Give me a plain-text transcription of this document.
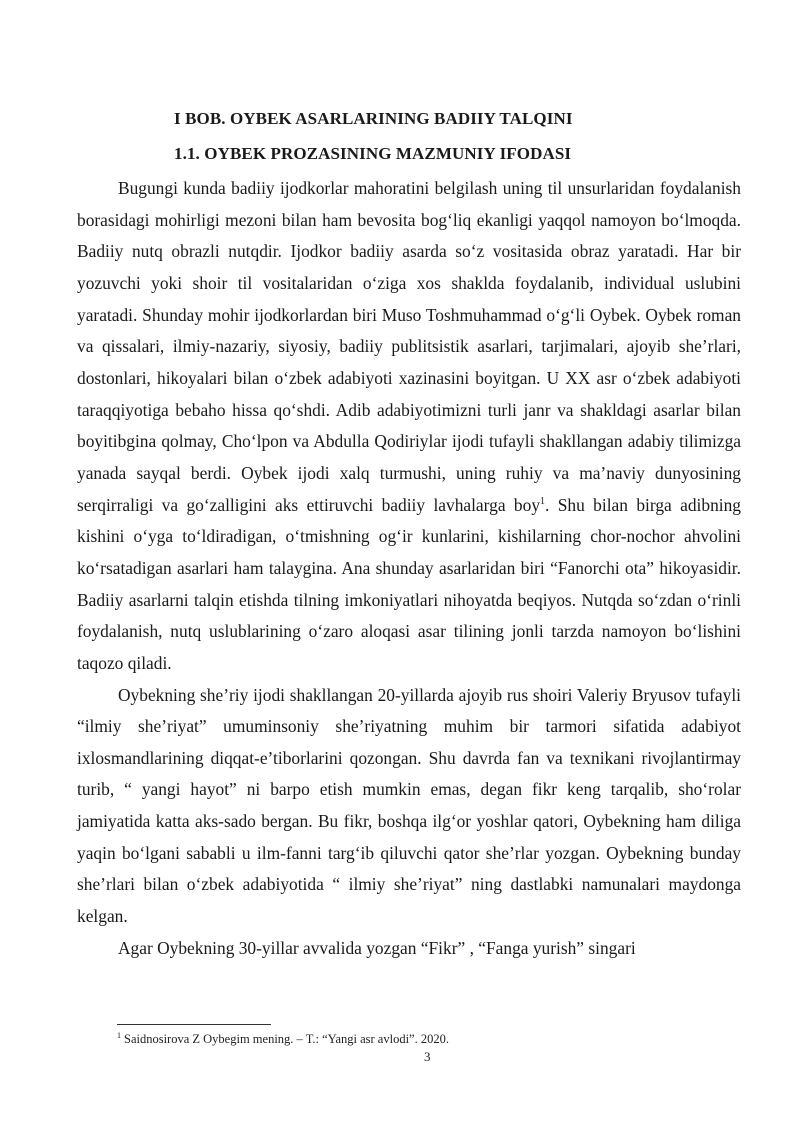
I BOB. OYBEK ASARLARINING BADIIY TALQINI
1.1. OYBEK PROZASINING MAZMUNIY IFODASI

Bugungi kunda badiiy ijodkorlar mahoratini belgilash uning til unsurlaridan foydalanish borasidagi mohirligi mezoni bilan ham bevosita bog‘liq ekanligi yaqqol namoyon bo‘lmoqda. Badiiy nutq obrazli nutqdir. Ijodkor badiiy asarda so‘z vositasida obraz yaratadi. Har bir yozuvchi yoki shoir til vositalaridan o‘ziga xos shaklda foydalanib, individual uslubini yaratadi. Shunday mohir ijodkorlardan biri Muso Toshmuhammad o‘g‘li Oybek. Oybek roman va qissalari, ilmiy-nazariy, siyosiy, badiiy publitsistik asarlari, tarjimalari, ajoyib she’rlari, dostonlari, hikoyalari bilan o‘zbek adabiyoti xazinasini boyitgan. U XX asr o‘zbek adabiyoti taraqqiyotiga bebaho hissa qo‘shdi. Adib adabiyotimizni turli janr va shakldagi asarlar bilan boyitibgina qolmay, Cho‘lpon va Abdulla Qodiriylar ijodi tufayli shakllangan adabiy tilimizga yanada sayqal berdi. Oybek ijodi xalq turmushi, uning ruhiy va ma’naviy dunyosining serqirraligi va go‘zalligini aks ettiruvchi badiiy lavhalarga boy$^1$. Shu bilan birga adibning kishini o‘yga to‘ldiradigan, o‘tmishning og‘ir kunlarini, kishilarning chor-nochor ahvolini ko‘rsatadigan asarlari ham talaygina. Ana shunday asarlaridan biri “Fanorchi ota” hikoyasidir. Badiiy asarlarni talqin etishda tilning imkoniyatlari nihoyatda beqiyos. Nutqda so‘zdan o‘rinli foydalanish, nutq uslublarining o‘zaro aloqasi asar tilining jonli tarzda namoyon bo‘lishini taqozo qiladi.

Oybekning she’riy ijodi shakllangan 20-yillarda ajoyib rus shoiri Valeriy Bryusov tufayli “ilmiy she’riyat” umuminsoniy she’riyatning muhim bir tarmori sifatida adabiyot ixlosmandlarining diqqat-e’tiborlarini qozongan. Shu davrda fan va texnikani rivojlantirmay turib, “ yangi hayot” ni barpo etish mumkin emas, degan fikr keng tarqalib, sho‘rolar jamiyatida katta aks-sado bergan. Bu fikr, boshqa ilg‘or yoshlar qatori, Oybekning ham diliga yaqin bo‘lgani sababli u ilm-fanni targ‘ib qiluvchi qator she’rlar yozgan. Oybekning bunday she’rlari bilan o‘zbek adabiyotida “ ilmiy she’riyat” ning dastlabki namunalari maydonga kelgan.

Agar Oybekning 30-yillar avvalida yozgan “Fikr” , “Fanga yurish” singari

$^1$ Saidnosirova Z Oybegim mening. – T.: “Yangi asr avlodi”. 2020.
3
